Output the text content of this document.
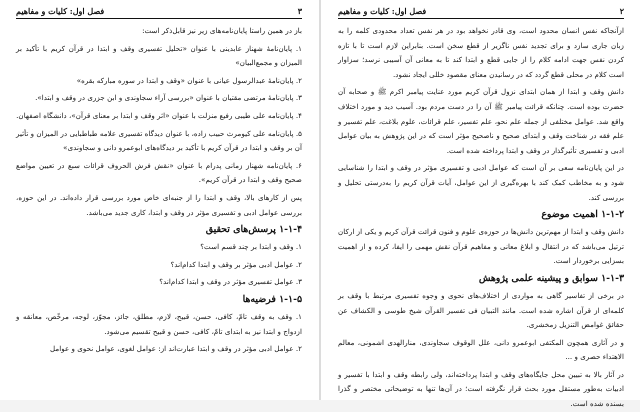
فصل اول: کلیات و مفاهیم	۳

باز در همین راستا پایان‌نامه‌های زیر نیز قابل‌ذکر است:

۱. پایان‌نامۀ شهناز عابدینی با عنوان «تحلیل تفسیری وقف و ابتدا در قرآن کریم با تأکید بر المیزان و مجمع‌البیان»
۲. پایان‌نامۀ عبدالرسول عیانی با عنوان «وقف و ابتدا در سوره مبارکه بقره»
۳. پایان‌نامۀ مرتضی مقتیان با عنوان «بررسی آراء سجاوندی و ابن جزری در وقف و ابتدا».
۴. پایان‌نامه علی طیبی رفیع منزلت با عنوان «اثر وقف و ابتدا بر معنای قرآن»، دانشگاه اصفهان.
۵. پایان‌نامه علی کیومرث حبیب زاده، با عنوان دیدگاه تفسیری علامه طباطبایی در المیزان و تأثیر آن بر وقف و ابتدا در قرآن کریم با تأکید بر دیدگاه‌های ابوعمرو دانی و سجاوندی»
۶. پایان‌نامه شهناز زمانی پدرام با عنوان «نقش فرش الحروف قرائات سبع در تعیین مواضع صحیح وقف و ابتدا در قرآن کریم».

پس از کارهای بالا، وقف و ابتدا را از جنبه‌ای خاص مورد بررسی قرار داده‌اند. در این حوزه، بررسی عوامل ادبی و تفسیری مؤثر در وقف و ابتدا، کاری جدید می‌باشد.

۱-۱-۴ پرسش‌های تحقیق
۱. وقف و ابتدا بر چند قسم است؟
۲. عوامل ادبی مؤثر بر وقف و ابتدا کدام‌اند؟
۳. عوامل تفسیری مؤثر در وقف و ابتدا کدام‌اند؟
۱-۱-۵ فرضیه‌ها
۱. وقف به وقف تامّ، کافی، حسن، قبیح، لازم، مطلق، جائز، مجوّز، لوجه، مرخّص، معانقه و ازدواج و ابتدا نیز به ابتدای تامّ، کافی، حسن و قبیح تقسیم می‌شود.
۲. عوامل ادبی مؤثر در وقف و ابتدا عبارت‌اند از: عوامل لغوی، عوامل نحوی و عوامل
۲
فصل اول: کلیات و مفاهیم

ازآنجاکه نفس انسان محدود است، وی قادر نخواهد بود در هر نفس تعداد محدودی کلمه را به زبان جاری سازد و برای تجدید نفس ناگزیر از قطع سخن است. بنابراین لازم است تا با تازه کردن نفس جهت ادامه کلام را از جایی قطع و ابتدا کند تا به معانی آن آسیبی نرسد؛ سزاوار است کلام در محلی قطع گردد که در رسانیدن معنای مقصود خللی ایجاد نشود.

دانش وقف و ابتدا از همان ابتدای نزول قرآن کریم مورد عنایت پیامبر اکرم ﷺ و صحابه آن حضرت بوده است. چنانکه قرائت پیامبر ﷺ آن را در دست مردم بود. آسیب دید و مورد اختلاف واقع شد. عوامل مختلفی از جمله علم نحو، علم تفسیر، علم قرائات، علوم بلاغت، علم تفسیر و علم فقه در شناخت وقف و ابتدای صحیح و ناصحیح مؤثر است که در این پژوهش به بیان عوامل ادبی و تفسیری تأثیرگذار در وقف و ابتدا پرداخته شده است.

در این پایان‌نامه سعی بر آن است که عوامل ادبی و تفسیری مؤثر در وقف و ابتدا را شناسایی شود و به مخاطب کمک کند با بهره‌گیری از این عوامل، آیات قرآن کریم را به‌درستی تحلیل و بررسی کند.

۱-۱-۲ اهمیت موضوع

دانش وقف و ابتدا از مهم‌ترین دانش‌ها در حوزه‌ی علوم و فنون قرائت قرآن کریم و یکی از ارکان ترتیل می‌باشد که در انتقال و ابلاغ معانی و مفاهیم قرآن نقش مهمی را ایفا، کرده و از اهمیت بسزایی برخوردار است.

۱-۱-۳ سوابق و پیشینه علمی پژوهش

در برخی از تفاسیر گاهی به مواردی از اختلاف‌های نحوی و وجوه تفسیری مرتبط با وقف بر کلمه‌ای از قرآن اشاره شده است. مانند التبیان فی تفسیر القرآن شیخ طوسی و الکشاف عن حقائق غوامض التنزیل زمخشری.

و در آثاری همچون المکتفی ابوعمرو دانی، علل الوقوف سجاوندی، منارالهدی اشمونی، معالم الاهتداء حصری و ...

در آثار بالا به تبیین محل جایگاه‌های وقف و ابتدا پرداخته‌اند، ولی رابطه وقف و ابتدا با تفسیر و ادبیات به‌طور مستقل مورد بحث قرار نگرفته است؛ در آن‌ها تنها به توضیحاتی مختصر و گذرا بسنده شده است.
